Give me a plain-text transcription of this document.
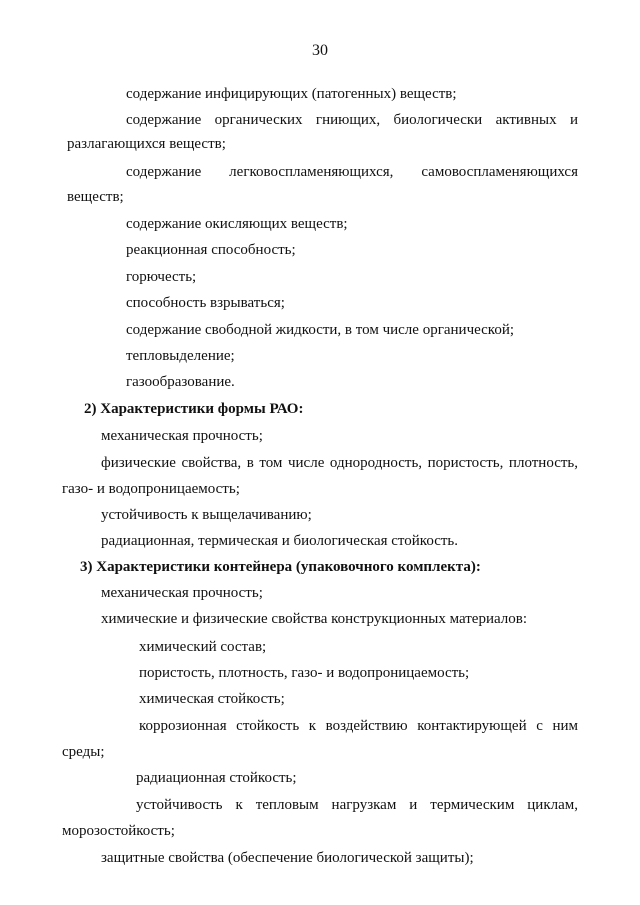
30
содержание инфицирующих (патогенных) веществ;
содержание органических гниющих, биологически активных и
разлагающихся веществ;
содержание легковоспламеняющихся, самовоспламеняющихся
веществ;
содержание окисляющих веществ;
реакционная способность;
горючесть;
способность взрываться;
содержание свободной жидкости, в том числе органической;
тепловыделение;
газообразование.
2) Характеристики формы РАО:
механическая прочность;
физические свойства, в том числе однородность, пористость, плотность,
газо- и водопроницаемость;
устойчивость к выщелачиванию;
радиационная, термическая и биологическая стойкость.
3) Характеристики контейнера (упаковочного комплекта):
механическая прочность;
химические и физические свойства конструкционных материалов:
химический состав;
пористость, плотность, газо- и водопроницаемость;
химическая стойкость;
коррозионная стойкость к воздействию контактирующей с ним
среды;
радиационная стойкость;
устойчивость к тепловым нагрузкам и термическим циклам,
морозостойкость;
защитные свойства (обеспечение биологической защиты);
